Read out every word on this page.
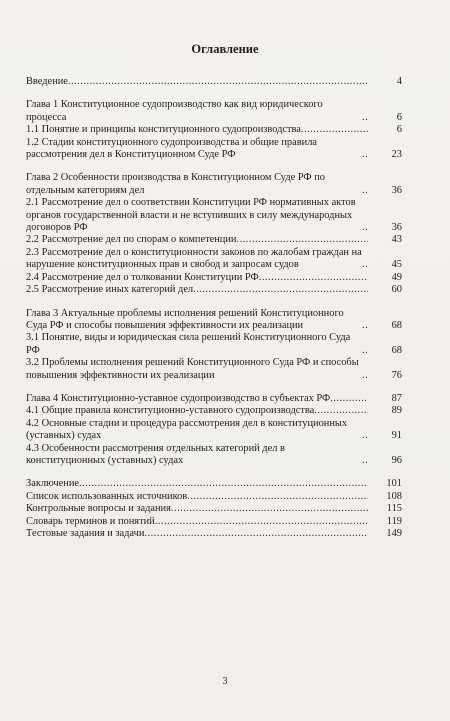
Оглавление
Введение .....	4
Глава 1 Конституционное судопроизводство как вид юридического процесса .....	6
1.1 Понятие и принципы конституционного судопроизводства .....	6
1.2 Стадии конституционного судопроизводства и общие правила рассмотрения дел в Конституционном Суде РФ .....	23
Глава 2 Особенности производства в Конституционном Суде РФ по отдельным категориям дел .....	36
2.1 Рассмотрение дел о соответствии Конституции РФ нормативных актов органов государственной власти и не вступивших в силу международных договоров РФ .....	36
2.2 Рассмотрение дел по спорам о компетенции .....	43
2.3 Рассмотрение дел о конституционности законов по жалобам граждан на нарушение конституционных прав и свобод и запросам судов .....	45
2.4 Рассмотрение дел о толковании Конституции РФ .....	49
2.5 Рассмотрение иных категорий дел .....	60
Глава 3 Актуальные проблемы исполнения решений Конституционного Суда РФ и способы повышения эффективности их реализации .....	68
3.1 Понятие, виды и юридическая сила решений Конституционного Суда РФ .....	68
3.2 Проблемы исполнения решений Конституционного Суда РФ и способы повышения эффективности их реализации .....	76
Глава 4 Конституционно-уставное судопроизводство в субъектах РФ .....	87
4.1 Общие правила конституционно-уставного судопроизводства .....	89
4.2 Основные стадии и процедура рассмотрения дел в конституционных (уставных) судах .....	91
4.3 Особенности рассмотрения отдельных категорий дел в конституционных (уставных) судах .....	96
Заключение .....	101
Список использованных источников .....	108
Контрольные вопросы и задания .....	115
Словарь терминов и понятий .....	119
Тестовые задания и задачи .....	149
3
